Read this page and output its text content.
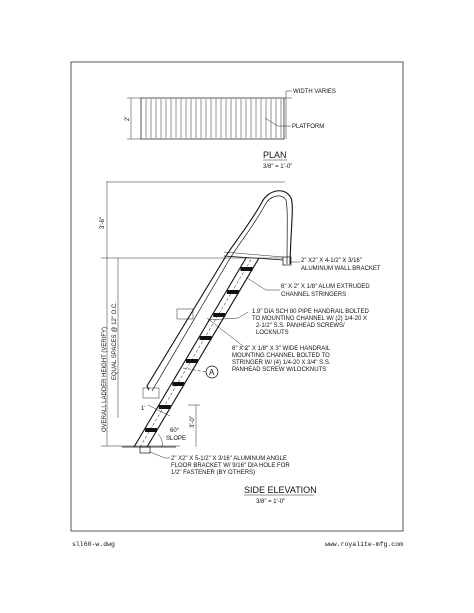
2'
WIDTH VARIES
PLATFORM
PLAN
3/8" = 1'-0"
3'-6"
OVERALL LADDER HEIGHT (VERIFY) EQUAL SPACES @ 12" O.C.
3'-0"
1'
60°
SLOPE
A
2" X2" X 4-1/2" X 3/16"
ALUMINUM WALL BRACKET
6" X 2" X 1/8" ALUM EXTRUDED
CHANNEL STRINGERS
1.9" DIA SCH 80 PIPE HANDRAIL BOLTED
TO MOUNTING CHANNEL W/ (2) 1/4-20 X
2-1/2" S.S. PANHEAD SCREWS/
LOCKNUTS
6" X 2" X 1/8" X 3" WIDE HANDRAIL
MOUNTING CHANNEL BOLTED TO
STRINGER W/ (4) 1/4-20 X 3/4" S.S.
PANHEAD SCREW W/LOCKNUTS
2" X2" X 5-1/2" X 3/16" ALUMINUM ANGLE
FLOOR BRACKET W/ 9/16" DIA HOLE FOR
1/2" FASTENER (BY OTHERS)
SIDE ELEVATION
3/8" = 1'-0"
sll60-w.dwg	www.royalite-mfg.com
